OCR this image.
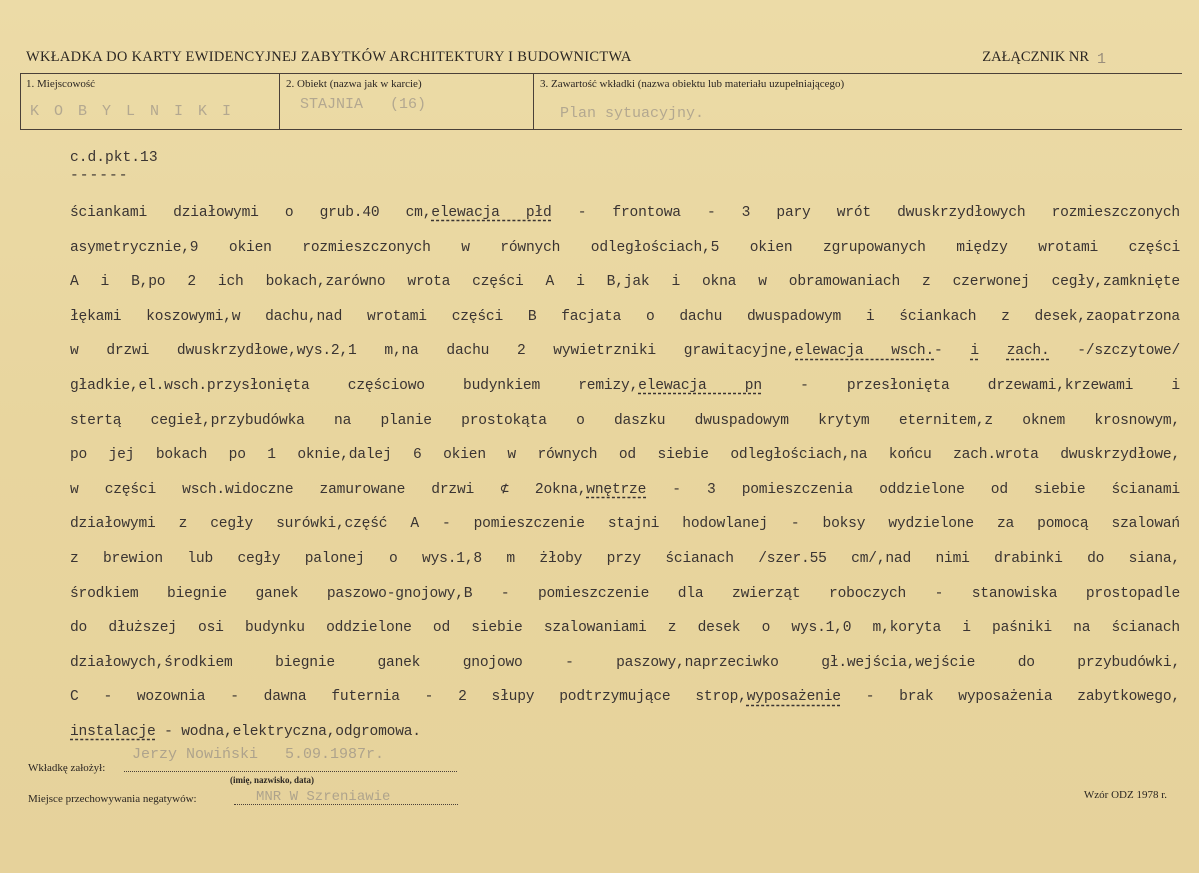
WKŁADKA DO KARTY EWIDENCYJNEJ ZABYTKÓW ARCHITEKTURY I BUDOWNICTWA	ZAŁĄCZNIK NR 1
1. Miejscowość	2. Obiekt (nazwa jak w karcie)	3. Zawartość wkładki (nazwa obiektu lub materiału uzupełniającego)
K O B Y L N I K I	STAJNIA   (16)
Plan sytuacyjny.
c.d.pkt.13
------
ściankami działowymi o grub.40 cm,elewacja płd - frontowa - 3 pary wrót dwuskrzydłowych rozmieszczonych
asymetrycznie,9 okien rozmieszczonych w równych odległościach,5 okien zgrupowanych między wrotami części
A i B,po 2 ich bokach,zarówno wrota części A i B,jak i okna w obramowaniach z czerwonej cegły,zamknięte
łękami koszowymi,w dachu,nad wrotami części B facjata o dachu dwuspadowym i ściankach z desek,zaopatrzona
w drzwi dwuskrzydłowe,wys.2,1 m,na dachu 2 wywietrzniki grawitacyjne,elewacja wsch.- i zach. -/szczytowe/
gładkie,el.wsch.przysłonięta częściowo budynkiem remizy,elewacja pn - przesłonięta drzewami,krzewami i
stertą cegieł,przybudówka na planie prostokąta o daszku dwuspadowym krytym eternitem,z oknem krosnowym,
po jej bokach po 1 oknie,dalej 6 okien w równych od siebie odległościach,na końcu zach.wrota dwuskrzydłowe,
w części wsch.widoczne zamurowane drzwi ⊄ 2okna,wnętrze - 3 pomieszczenia oddzielone od siebie ścianami
działowymi z cegły surówki,część A - pomieszczenie stajni hodowlanej - boksy wydzielone za pomocą szalowań
z brewion lub cegły palonej o wys.1,8 m żłoby przy ścianach /szer.55 cm/,nad nimi drabinki do siana,
środkiem biegnie ganek paszowo-gnojowy,B - pomieszczenie dla zwierząt roboczych - stanowiska prostopadle
do dłuższej osi budynku oddzielone od siebie szalowaniami z desek o wys.1,0 m,koryta i paśniki na ścianach
działowych,środkiem biegnie ganek gnojowo - paszowy,naprzeciwko gł.wejścia,wejście do przybudówki,
C - wozownia - dawna futernia - 2 słupy podtrzymujące strop,wyposażenie - brak wyposażenia zabytkowego,
instalacje - wodna,elektryczna,odgromowa.
Wkładkę założył:
Jerzy Nowiński   5.09.1987r.
(imię, nazwisko, data)
Miejsce przechowywania negatywów:	MNR W Szreniawie	Wzór ODZ 1978 r.
